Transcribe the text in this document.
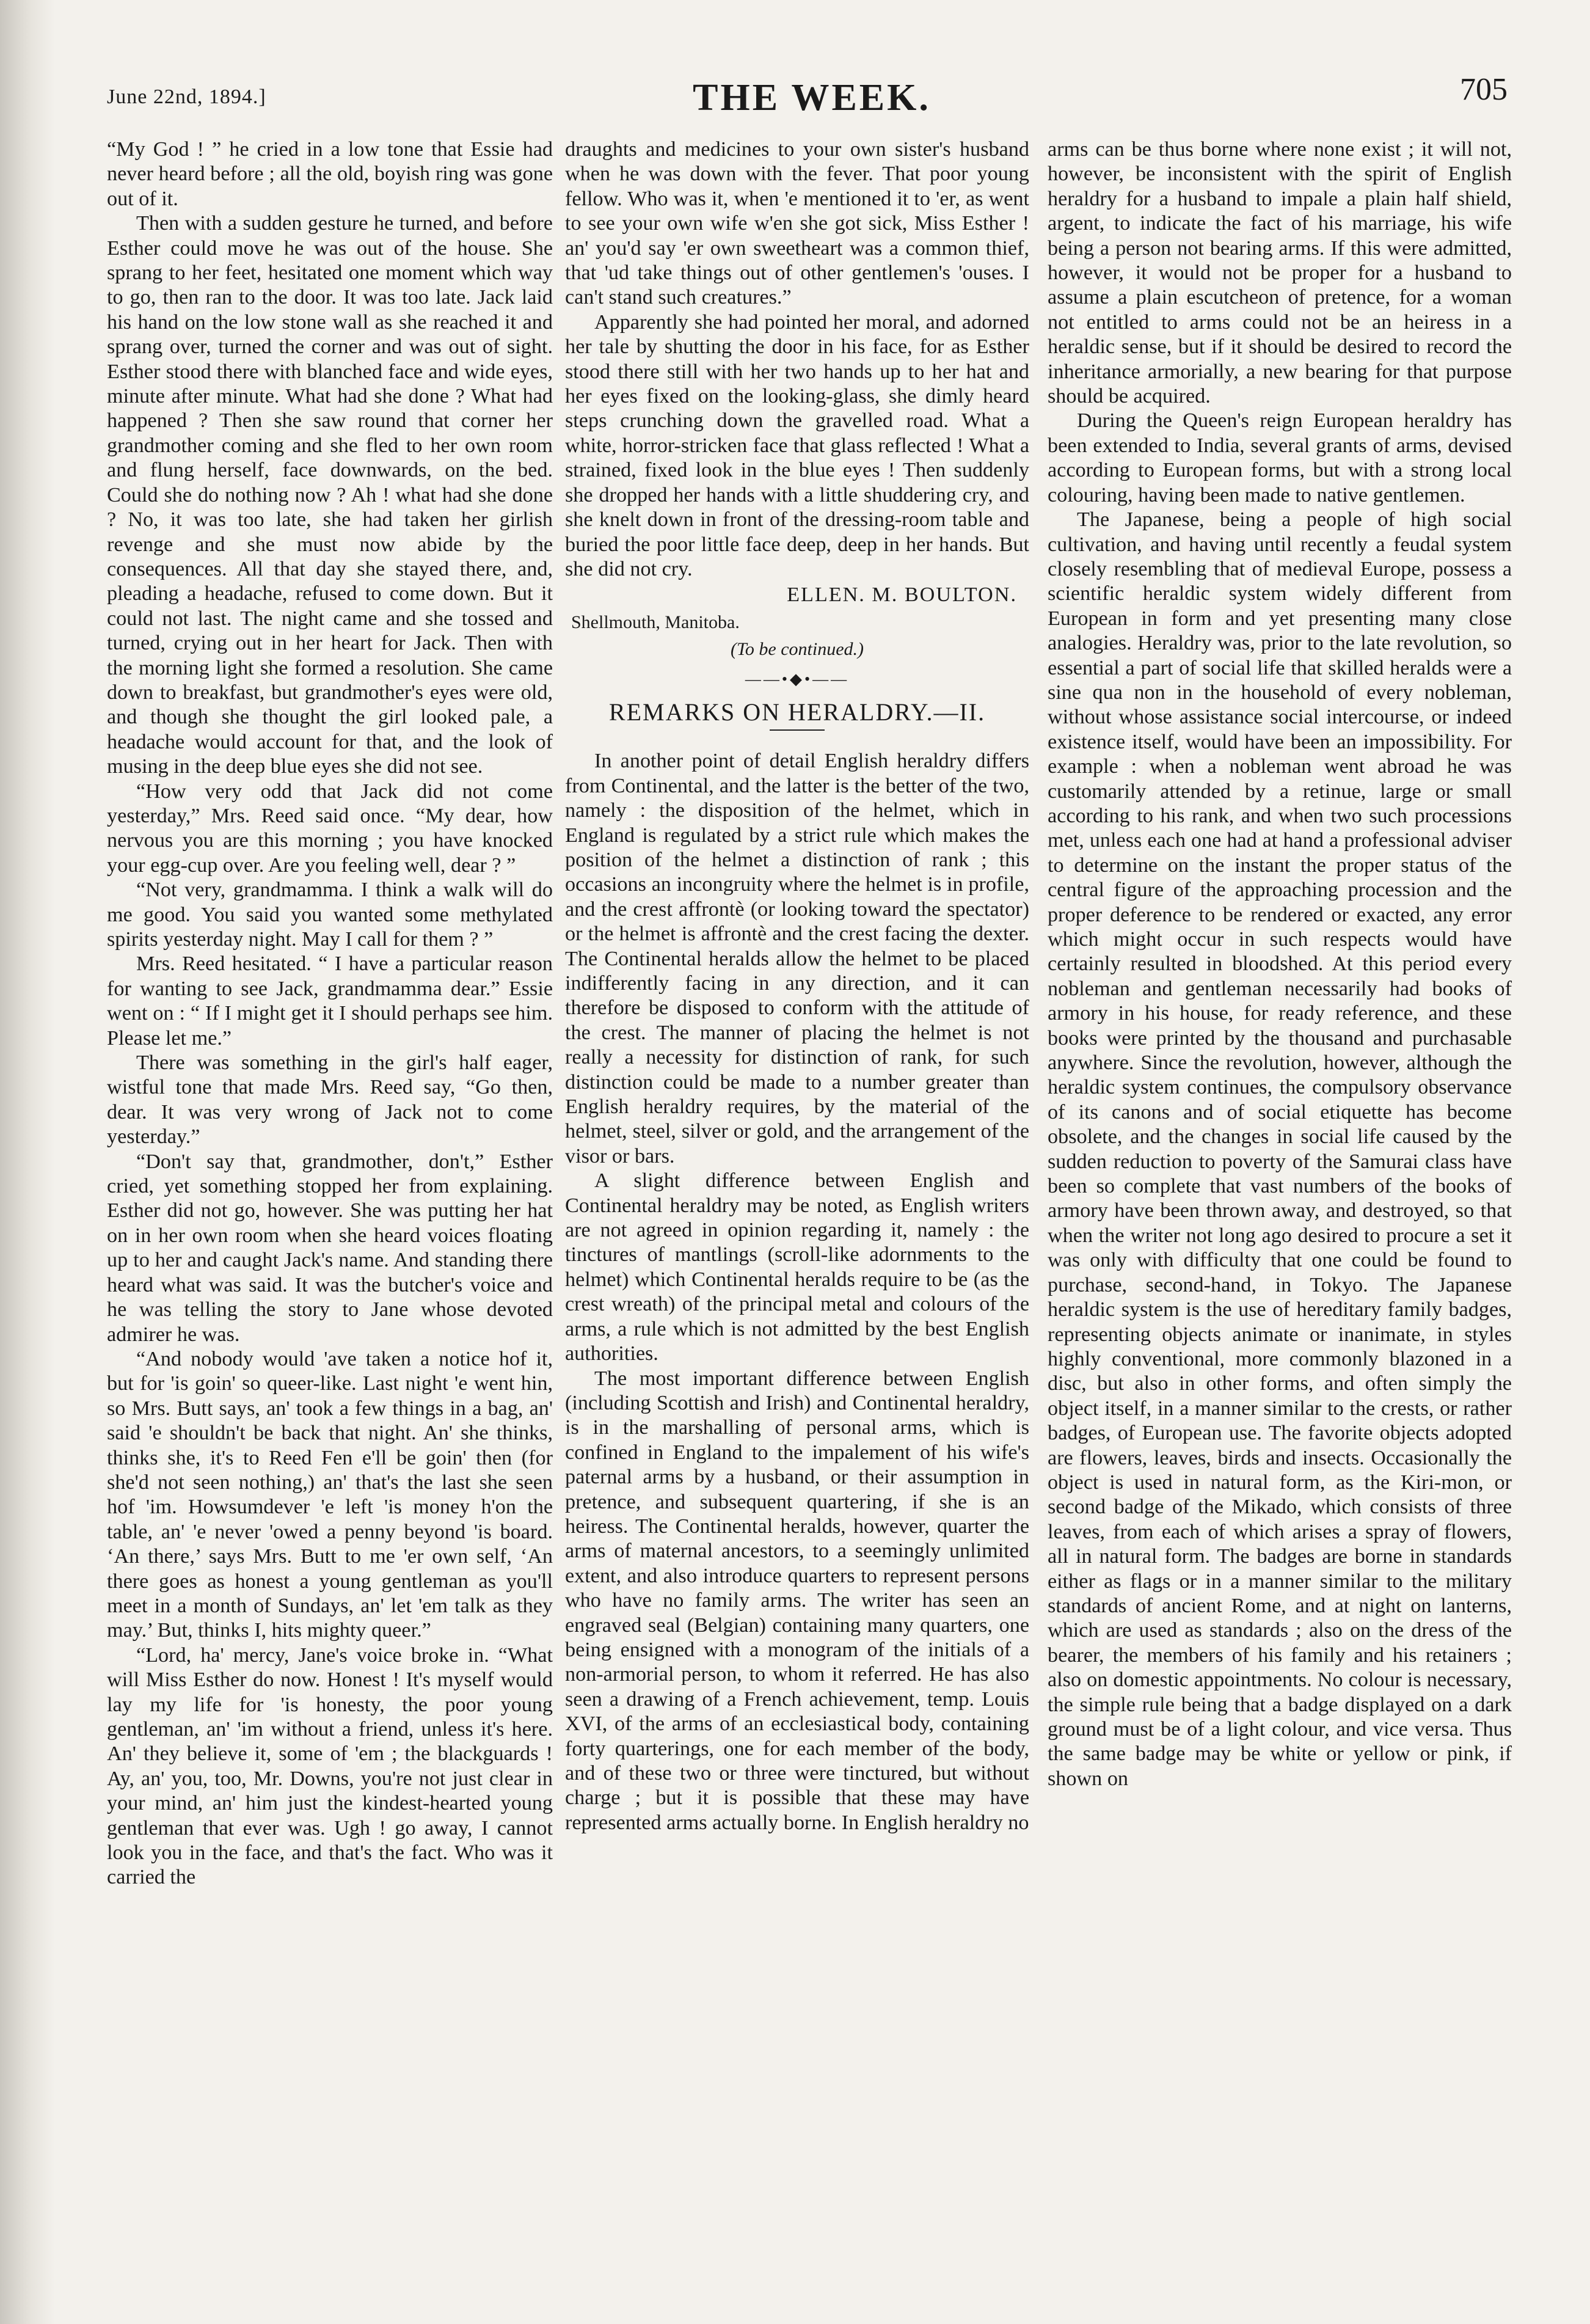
June 22nd, 1894.]	THE WEEK.	705

“My God ! ” he cried in a low tone that Essie had never heard before ; all the old, boyish ring was gone out of it.

Then with a sudden gesture he turned, and before Esther could move he was out of the house. She sprang to her feet, hesitated one moment which way to go, then ran to the door. It was too late. Jack laid his hand on the low stone wall as she reached it and sprang over, turned the corner and was out of sight. Esther stood there with blanched face and wide eyes, minute after minute. What had she done ? What had happened ? Then she saw round that corner her grandmother coming and she fled to her own room and flung herself, face downwards, on the bed. Could she do nothing now ? Ah ! what had she done ? No, it was too late, she had taken her girlish revenge and she must now abide by the consequences. All that day she stayed there, and, pleading a headache, refused to come down. But it could not last. The night came and she tossed and turned, crying out in her heart for Jack. Then with the morning light she formed a resolution. She came down to breakfast, but grandmother's eyes were old, and though she thought the girl looked pale, a headache would account for that, and the look of musing in the deep blue eyes she did not see.

“How very odd that Jack did not come yesterday,” Mrs. Reed said once. “My dear, how nervous you are this morning ; you have knocked your egg-cup over. Are you feeling well, dear ? ”

“Not very, grandmamma. I think a walk will do me good. You said you wanted some methylated spirits yesterday night. May I call for them ? ”

Mrs. Reed hesitated. “ I have a particular reason for wanting to see Jack, grandmamma dear.” Essie went on : “ If I might get it I should perhaps see him. Please let me.”

There was something in the girl's half eager, wistful tone that made Mrs. Reed say, “Go then, dear. It was very wrong of Jack not to come yesterday.”

“Don't say that, grandmother, don't,” Esther cried, yet something stopped her from explaining. Esther did not go, however. She was putting her hat on in her own room when she heard voices floating up to her and caught Jack's name. And standing there heard what was said. It was the butcher's voice and he was telling the story to Jane whose devoted admirer he was.

“And nobody would 'ave taken a notice hof it, but for 'is goin' so queer-like. Last night 'e went hin, so Mrs. Butt says, an' took a few things in a bag, an' said 'e shouldn't be back that night. An' she thinks, thinks she, it's to Reed Fen e'll be goin' then (for she'd not seen nothing,) an' that's the last she seen hof 'im. Howsumdever 'e left 'is money h'on the table, an' 'e never 'owed a penny beyond 'is board. ‘An there,’ says Mrs. Butt to me 'er own self, ‘An there goes as honest a young gentleman as you'll meet in a month of Sundays, an' let 'em talk as they may.’ But, thinks I, hits mighty queer.”

“Lord, ha' mercy, Jane's voice broke in. “What will Miss Esther do now. Honest ! It's myself would lay my life for 'is honesty, the poor young gentleman, an' 'im without a friend, unless it's here. An' they believe it, some of 'em ; the blackguards ! Ay, an' you, too, Mr. Downs, you're not just clear in your mind, an' him just the kindest-hearted young gentleman that ever was. Ugh ! go away, I cannot look you in the face, and that's the fact. Who was it carried the

draughts and medicines to your own sister's husband when he was down with the fever. That poor young fellow. Who was it, when 'e mentioned it to 'er, as went to see your own wife w'en she got sick, Miss Esther ! an' you'd say 'er own sweetheart was a common thief, that 'ud take things out of other gentlemen's 'ouses. I can't stand such creatures.”

Apparently she had pointed her moral, and adorned her tale by shutting the door in his face, for as Esther stood there still with her two hands up to her hat and her eyes fixed on the looking-glass, she dimly heard steps crunching down the gravelled road. What a white, horror-stricken face that glass reflected ! What a strained, fixed look in the blue eyes ! Then suddenly she dropped her hands with a little shuddering cry, and she knelt down in front of the dressing-room table and buried the poor little face deep, deep in her hands. But she did not cry.

ELLEN. M. BOULTON.
Shellmouth, Manitoba.
(To be continued.)
——•◆•——
REMARKS ON HERALDRY.—II.

In another point of detail English heraldry differs from Continental, and the latter is the better of the two, namely : the disposition of the helmet, which in England is regulated by a strict rule which makes the position of the helmet a distinction of rank ; this occasions an incongruity where the helmet is in profile, and the crest affrontè (or looking toward the spectator) or the helmet is affrontè and the crest facing the dexter. The Continental heralds allow the helmet to be placed indifferently facing in any direction, and it can therefore be disposed to conform with the attitude of the crest. The manner of placing the helmet is not really a necessity for distinction of rank, for such distinction could be made to a number greater than English heraldry requires, by the material of the helmet, steel, silver or gold, and the arrangement of the visor or bars.

A slight difference between English and Continental heraldry may be noted, as English writers are not agreed in opinion regarding it, namely : the tinctures of mantlings (scroll-like adornments to the helmet) which Continental heralds require to be (as the crest wreath) of the principal metal and colours of the arms, a rule which is not admitted by the best English authorities.

The most important difference between English (including Scottish and Irish) and Continental heraldry, is in the marshalling of personal arms, which is confined in England to the impalement of his wife's paternal arms by a husband, or their assumption in pretence, and subsequent quartering, if she is an heiress. The Continental heralds, however, quarter the arms of maternal ancestors, to a seemingly unlimited extent, and also introduce quarters to represent persons who have no family arms. The writer has seen an engraved seal (Belgian) containing many quarters, one being ensigned with a monogram of the initials of a non-armorial person, to whom it referred. He has also seen a drawing of a French achievement, temp. Louis XVI, of the arms of an ecclesiastical body, containing forty quarterings, one for each member of the body, and of these two or three were tinctured, but without charge ; but it is possible that these may have represented arms actually borne. In English heraldry no

arms can be thus borne where none exist ; it will not, however, be inconsistent with the spirit of English heraldry for a husband to impale a plain half shield, argent, to indicate the fact of his marriage, his wife being a person not bearing arms. If this were admitted, however, it would not be proper for a husband to assume a plain escutcheon of pretence, for a woman not entitled to arms could not be an heiress in a heraldic sense, but if it should be desired to record the inheritance armorially, a new bearing for that purpose should be acquired.

During the Queen's reign European heraldry has been extended to India, several grants of arms, devised according to European forms, but with a strong local colouring, having been made to native gentlemen.

The Japanese, being a people of high social cultivation, and having until recently a feudal system closely resembling that of medieval Europe, possess a scientific heraldic system widely different from European in form and yet presenting many close analogies. Heraldry was, prior to the late revolution, so essential a part of social life that skilled heralds were a sine qua non in the household of every nobleman, without whose assistance social intercourse, or indeed existence itself, would have been an impossibility. For example : when a nobleman went abroad he was customarily attended by a retinue, large or small according to his rank, and when two such processions met, unless each one had at hand a professional adviser to determine on the instant the proper status of the central figure of the approaching procession and the proper deference to be rendered or exacted, any error which might occur in such respects would have certainly resulted in bloodshed. At this period every nobleman and gentleman necessarily had books of armory in his house, for ready reference, and these books were printed by the thousand and purchasable anywhere. Since the revolution, however, although the heraldic system continues, the compulsory observance of its canons and of social etiquette has become obsolete, and the changes in social life caused by the sudden reduction to poverty of the Samurai class have been so complete that vast numbers of the books of armory have been thrown away, and destroyed, so that when the writer not long ago desired to procure a set it was only with difficulty that one could be found to purchase, second-hand, in Tokyo. The Japanese heraldic system is the use of hereditary family badges, representing objects animate or inanimate, in styles highly conventional, more commonly blazoned in a disc, but also in other forms, and often simply the object itself, in a manner similar to the crests, or rather badges, of European use. The favorite objects adopted are flowers, leaves, birds and insects. Occasionally the object is used in natural form, as the Kiri-mon, or second badge of the Mikado, which consists of three leaves, from each of which arises a spray of flowers, all in natural form. The badges are borne in standards either as flags or in a manner similar to the military standards of ancient Rome, and at night on lanterns, which are used as standards ; also on the dress of the bearer, the members of his family and his retainers ; also on domestic appointments. No colour is necessary, the simple rule being that a badge displayed on a dark ground must be of a light colour, and vice versa. Thus the same badge may be white or yellow or pink, if shown on
